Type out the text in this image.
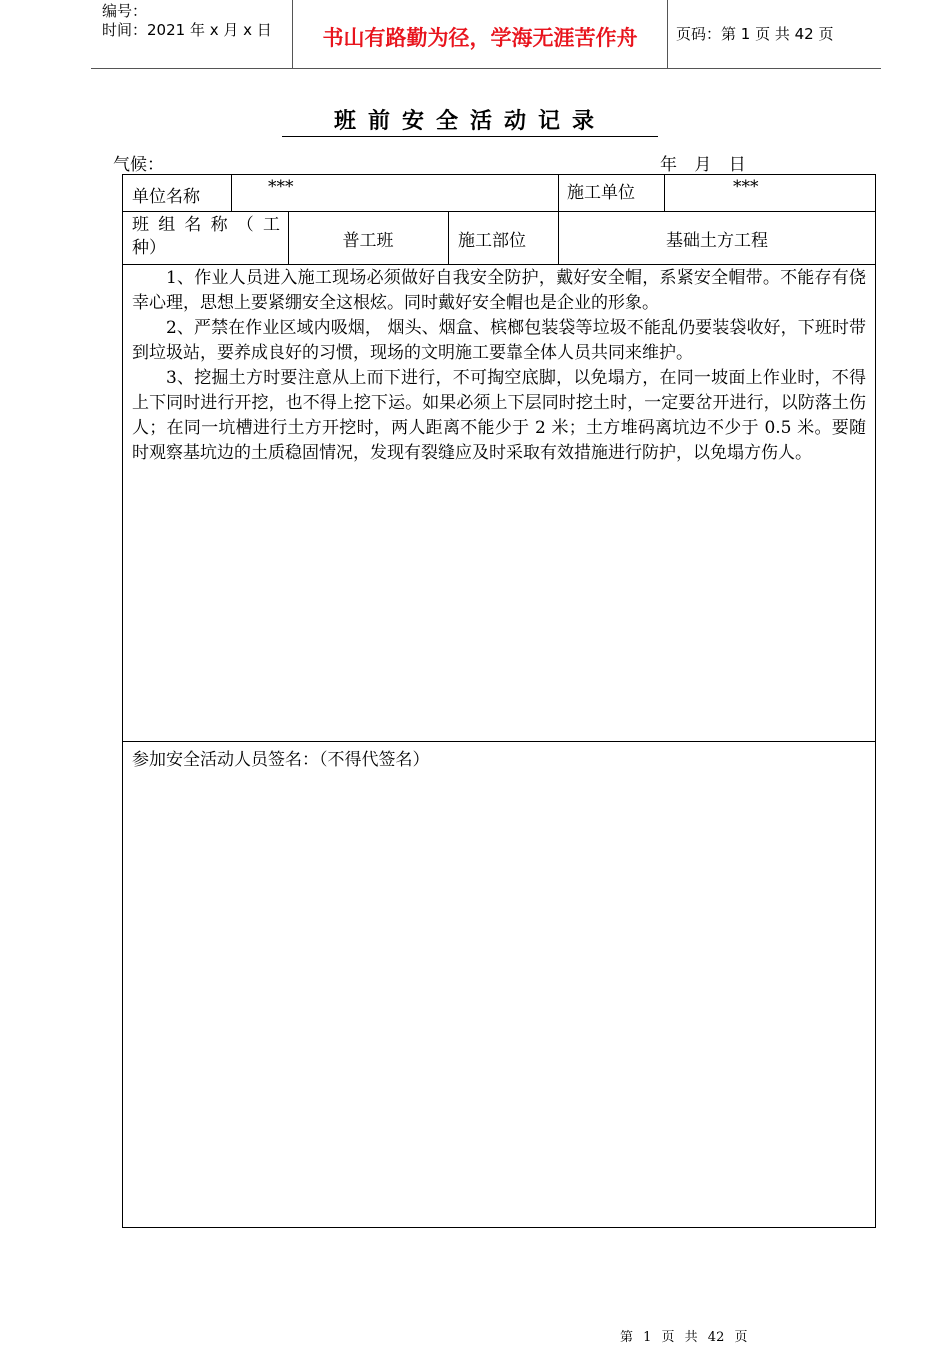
编号：
时间：2021 年 x 月 x 日	书山有路勤为径，学海无涯苦作舟	页码：第 1 页 共 42 页
班前安全活动记录
气候：	年 月 日
单位名称	***	施工单位	***
班 组 名 称 （ 工种）	普工班	施工部位	基础土方工程

1、作业人员进入施工现场必须做好自我安全防护，戴好安全帽，系紧安全帽带。不能存有侥幸心理，思想上要紧绷安全这根炫。同时戴好安全帽也是企业的形象。

2、严禁在作业区域内吸烟， 烟头、烟盒、槟榔包装袋等垃圾不能乱仍要装袋收好，下班时带到垃圾站，要养成良好的习惯，现场的文明施工要靠全体人员共同来维护。

3、挖掘土方时要注意从上而下进行，不可掏空底脚，以免塌方，在同一坡面上作业时，不得上下同时进行开挖，也不得上挖下运。如果必须上下层同时挖土时，一定要岔开进行，以防落土伤人；在同一坑槽进行土方开挖时，两人距离不能少于 2 米；土方堆码离坑边不少于 0.5 米。要随时观察基坑边的土质稳固情况，发现有裂缝应及时采取有效措施进行防护，以免塌方伤人。

参加安全活动人员签名：（不得代签名）
第 1 页 共 42 页
